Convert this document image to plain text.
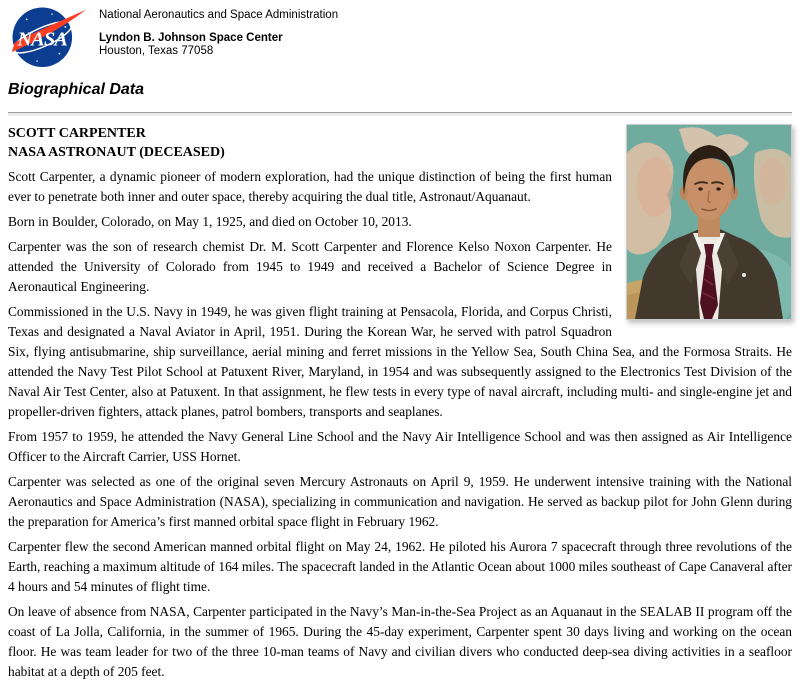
NASA
National Aeronautics and Space Administration
Lyndon B. Johnson Space Center
Houston, Texas 77058
Biographical Data
SCOTT CARPENTER
NASA ASTRONAUT (DECEASED)

Scott Carpenter, a dynamic pioneer of modern exploration, had the unique distinction of being the first human ever to penetrate both inner and outer space, thereby acquiring the dual title, Astronaut/Aquanaut.

Born in Boulder, Colorado, on May 1, 1925, and died on October 10, 2013.

Carpenter was the son of research chemist Dr. M. Scott Carpenter and Florence Kelso Noxon Carpenter. He attended the University of Colorado from 1945 to 1949 and received a Bachelor of Science Degree in Aeronautical Engineering.

Commissioned in the U.S. Navy in 1949, he was given flight training at Pensacola, Florida, and Corpus Christi, Texas and designated a Naval Aviator in April, 1951. During the Korean War, he served with patrol Squadron Six, flying antisubmarine, ship surveillance, aerial mining and ferret missions in the Yellow Sea, South China Sea, and the Formosa Straits. He attended the Navy Test Pilot School at Patuxent River, Maryland, in 1954 and was subsequently assigned to the Electronics Test Division of the Naval Air Test Center, also at Patuxent. In that assignment, he flew tests in every type of naval aircraft, including multi- and single-engine jet and propeller-driven fighters, attack planes, patrol bombers, transports and seaplanes.

From 1957 to 1959, he attended the Navy General Line School and the Navy Air Intelligence School and was then assigned as Air Intelligence Officer to the Aircraft Carrier, USS Hornet.

Carpenter was selected as one of the original seven Mercury Astronauts on April 9, 1959. He underwent intensive training with the National Aeronautics and Space Administration (NASA), specializing in communication and navigation. He served as backup pilot for John Glenn during the preparation for America’s first manned orbital space flight in February 1962.

Carpenter flew the second American manned orbital flight on May 24, 1962. He piloted his Aurora 7 spacecraft through three revolutions of the Earth, reaching a maximum altitude of 164 miles. The spacecraft landed in the Atlantic Ocean about 1000 miles southeast of Cape Canaveral after 4 hours and 54 minutes of flight time.

On leave of absence from NASA, Carpenter participated in the Navy’s Man-in-the-Sea Project as an Aquanaut in the SEALAB II program off the coast of La Jolla, California, in the summer of 1965. During the 45-day experiment, Carpenter spent 30 days living and working on the ocean floor. He was team leader for two of the three 10-man teams of Navy and civilian divers who conducted deep-sea diving activities in a seafloor habitat at a depth of 205 feet.
